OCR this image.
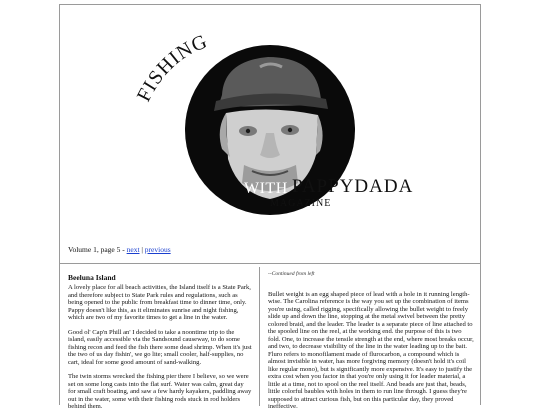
FISHING
WITH PAPPYDADA
MAGAZINE
Volume 1, page 5 - next | previous
Beeluna Island

A lovely place for all beach activities, the Island itself is a State Park, and therefore subject to State Park rules and regulations, such as being opened to the public from breakfast time to dinner time, only. Pappy doesn't like this, as it eliminates sunrise and night fishing, which are two of my favorite times to get a line in the water.

Good ol' Cap'n Phill an' I decided to take a noontime trip to the island, easily accessible via the Sandsound causeway, to do some fishing recon and feed the fish there some dead shrimp. When it's just the two of us day fishin', we go lite; small cooler, half-supplies, no cart, ideal for some good amount of sand-walking.

The twin storms wrecked the fishing pier there I believe, so we were set on some long casts into the flat surf. Water was calm, great day for small craft boating, and saw a few hardy kayakers, paddling away out in the water, some with their fishing rods stuck in rod holders behind them.

--Continued from left

Bullet weight is an egg shaped piece of lead with a hole in it running length-wise. The Carolina reference is the way you set up the combination of items you're using, called rigging, specifically allowing the bullet weight to freely slide up and down the line, stopping at the metal swivel between the pretty colored braid, and the leader. The leader is a separate piece of line attached to the spooled line on the reel, at the working end. the purpose of this is two fold. One, to increase the tensile strength at the end, where most breaks occur, and two, to decrease visibility of the line in the water leading up to the bait. Fluro refers to monofilament made of flurocarbon, a compound which is almost invisible in water, has more forgiving memory (doesn't hold it's coil like regular mono), but is significantly more expensive. It's easy to justify the extra cost when you factor in that you're only using it for leader material, a little at a time, not to spool on the reel itself. And beads are just that, beads, little colorful baubles with holes in them to run line through. I guess they're supposed to attract curious fish, but on this particular day, they proved ineffective.
